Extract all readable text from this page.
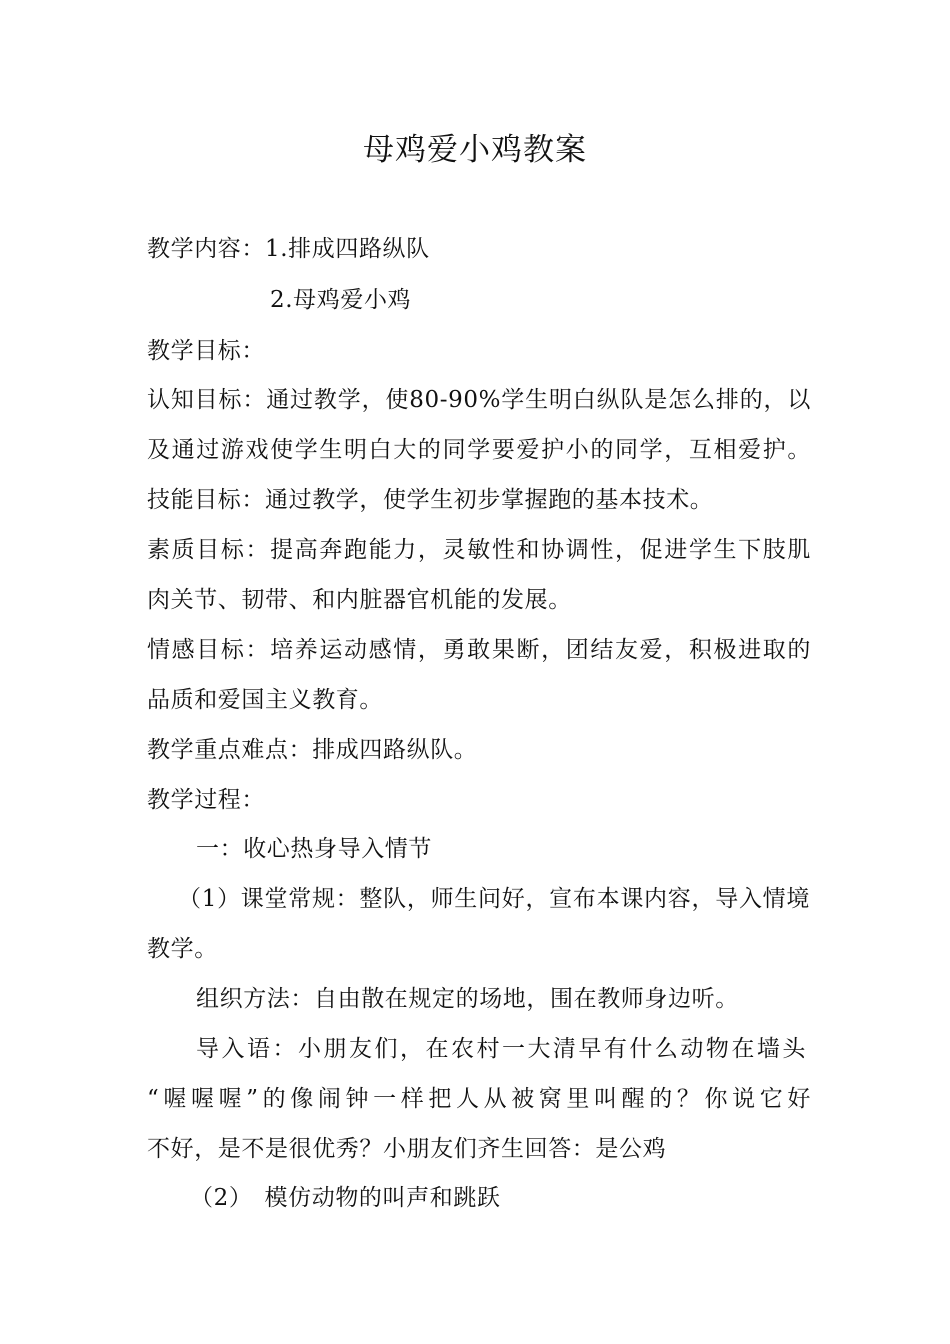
母鸡爱小鸡教案
教学内容：1.排成四路纵队
2.母鸡爱小鸡
教学目标：
认知目标：通过教学，使80-90%学生明白纵队是怎么排的，以
及通过游戏使学生明白大的同学要爱护小的同学，互相爱护。
技能目标：通过教学，使学生初步掌握跑的基本技术。
素质目标：提高奔跑能力，灵敏性和协调性，促进学生下肢肌
肉关节、韧带、和内脏器官机能的发展。
情感目标：培养运动感情，勇敢果断，团结友爱，积极进取的
品质和爱国主义教育。
教学重点难点：排成四路纵队。
教学过程：
一：收心热身导入情节
（1）课堂常规：整队，师生问好，宣布本课内容，导入情境
教学。
组织方法：自由散在规定的场地，围在教师身边听。
导入语：小朋友们，在农村一大清早有什么动物在墙头
“喔喔喔”的像闹钟一样把人从被窝里叫醒的？你说它好
不好，是不是很优秀？小朋友们齐生回答：是公鸡
（2）　模仿动物的叫声和跳跃
